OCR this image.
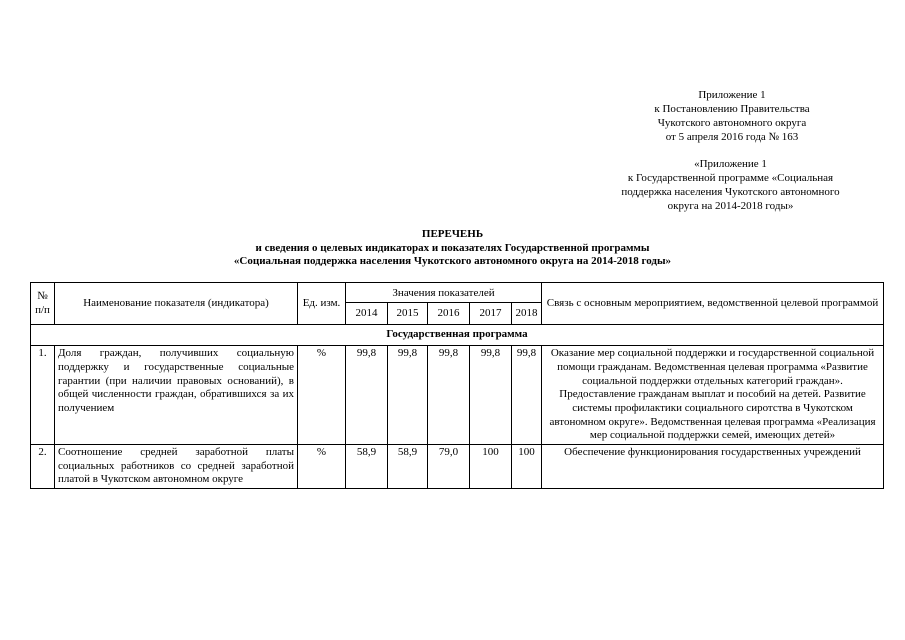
Приложение 1
к Постановлению Правительства
Чукотского автономного округа
от 5 апреля 2016 года № 163
«Приложение 1
к Государственной программе «Социальная
поддержка населения Чукотского автономного
округа на 2014-2018 годы»
ПЕРЕЧЕНЬ
и сведения о целевых индикаторах и показателях Государственной программы
«Социальная поддержка населения Чукотского автономного округа на 2014-2018 годы»
№ п/п	Наименование показателя (индикатора)	Ед. изм.	Значения показателей					Связь с основным мероприятием, ведомственной целевой программой
			2014	2015	2016	2017	2018	
Государственная программа								
1.	Доля граждан, получивших социальную поддержку и государственные социальные гарантии (при наличии правовых оснований), в общей численности граждан, обратившихся за их получением	%	99,8	99,8	99,8	99,8	99,8	Оказание мер социальной поддержки и государственной социальной помощи гражданам. Ведомственная целевая программа «Развитие социальной поддержки отдельных категорий граждан». Предоставление гражданам выплат и пособий на детей. Развитие системы профилактики социального сиротства в Чукотском автономном округе». Ведомственная целевая программа «Реализация мер социальной поддержки семей, имеющих детей»
2.	Соотношение средней заработной платы социальных работников со средней заработной платой в Чукотском автономном округе	%	58,9	58,9	79,0	100	100	Обеспечение функционирования государственных учреждений
